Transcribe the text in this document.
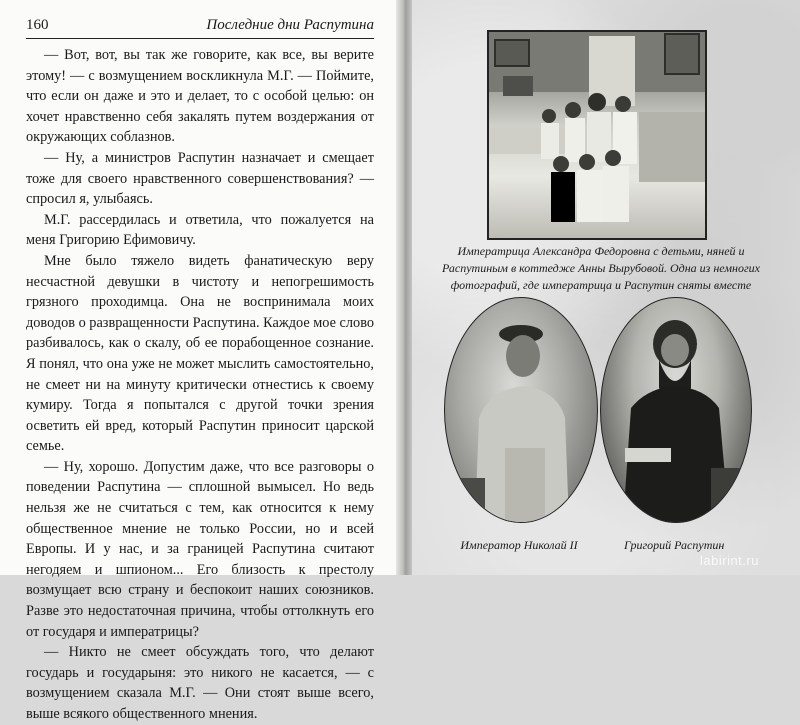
160	Последние дни Распутина

— Вот, вот, вы так же говорите, как все, вы верите этому! — с возмущением воскликнула М.Г. — Поймите, что если он даже и это и делает, то с особой целью: он хочет нравственно себя закалять путем воздержания от окружающих соблазнов.

— Ну, а министров Распутин назначает и смещает тоже для своего нравственного совершенствования? — спросил я, улыбаясь.

М.Г. рассердилась и ответила, что пожалуется на меня Григорию Ефимовичу.

Мне было тяжело видеть фанатическую веру несчастной девушки в чистоту и непогрешимость грязного проходимца. Она не воспринимала моих доводов о развращенности Распутина. Каждое мое слово разбивалось, как о скалу, об ее порабощенное сознание. Я понял, что она уже не может мыслить самостоятельно, не смеет ни на минуту критически отнестись к своему кумиру. Тогда я попытался с другой точки зрения осветить ей вред, который Распутин приносит царской семье.

— Ну, хорошо. Допустим даже, что все разговоры о поведении Распутина — сплошной вымысел. Но ведь нельзя же не считаться с тем, как относится к нему общественное мнение не только России, но и всей Европы. И у нас, и за границей Распутина считают негодяем и шпионом... Его близость к престолу возмущает всю страну и беспокоит наших союзников. Разве это недостаточная причина, чтобы оттолкнуть его от государя и императрицы?

— Никто не смеет обсуждать того, что делают государь и государыня: это никого не касается, — с возмущением сказала М.Г. — Они стоят выше всего, выше всякого общественного мнения.

Императрица Александра Федоровна с детьми, няней и Распутиным в коттедже Анны Вырубовой. Одна из немногих фотографий, где императрица и Распутин сняты вместе
Император Николай II	Григорий Распутин
labirint.ru
